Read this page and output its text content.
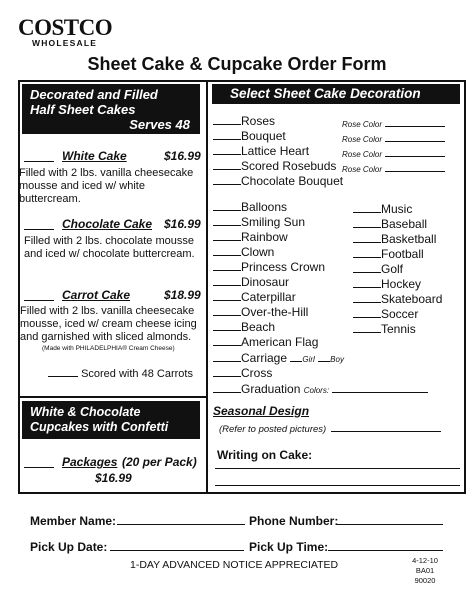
COSTCO
WHOLESALE
Sheet Cake & Cupcake Order Form
Decorated and Filled
Half Sheet Cakes
Serves 48
White Cake	$16.99
Filled with 2 lbs. vanilla cheesecake
mousse and iced w/ white buttercream.
Chocolate Cake $16.99
Filled with 2 lbs. chocolate mousse
and iced w/ chocolate buttercream.
Carrot Cake	$18.99
Filled with 2 lbs. vanilla cheesecake
mousse, iced w/ cream cheese icing
and garnished with sliced almonds.
(Made with PHILADELPHIA® Cream Cheese)
Scored with 48 Carrots
White & Chocolate
Cupcakes with Confetti
Packages (20 per Pack)
$16.99
Select Sheet Cake Decoration
Roses	Rose Color
Bouquet	Rose Color
Lattice Heart	Rose Color
Scored Rosebuds Rose Color
Chocolate Bouquet
Balloons
Smiling Sun
Rainbow
Clown
Princess Crown
Dinosaur
Caterpillar
Over-the-Hill
Beach
American Flag
Carriage Girl Boy
Cross
Graduation Colors:
Music
Baseball
Basketball
Football
Golf
Hockey
Skateboard
Soccer
Tennis
Seasonal Design
(Refer to posted pictures)
Writing on Cake:
Member Name:	Phone Number:
Pick Up Date:	Pick Up Time:
1-DAY ADVANCED NOTICE APPRECIATED	4-12-10
BA01
90020
